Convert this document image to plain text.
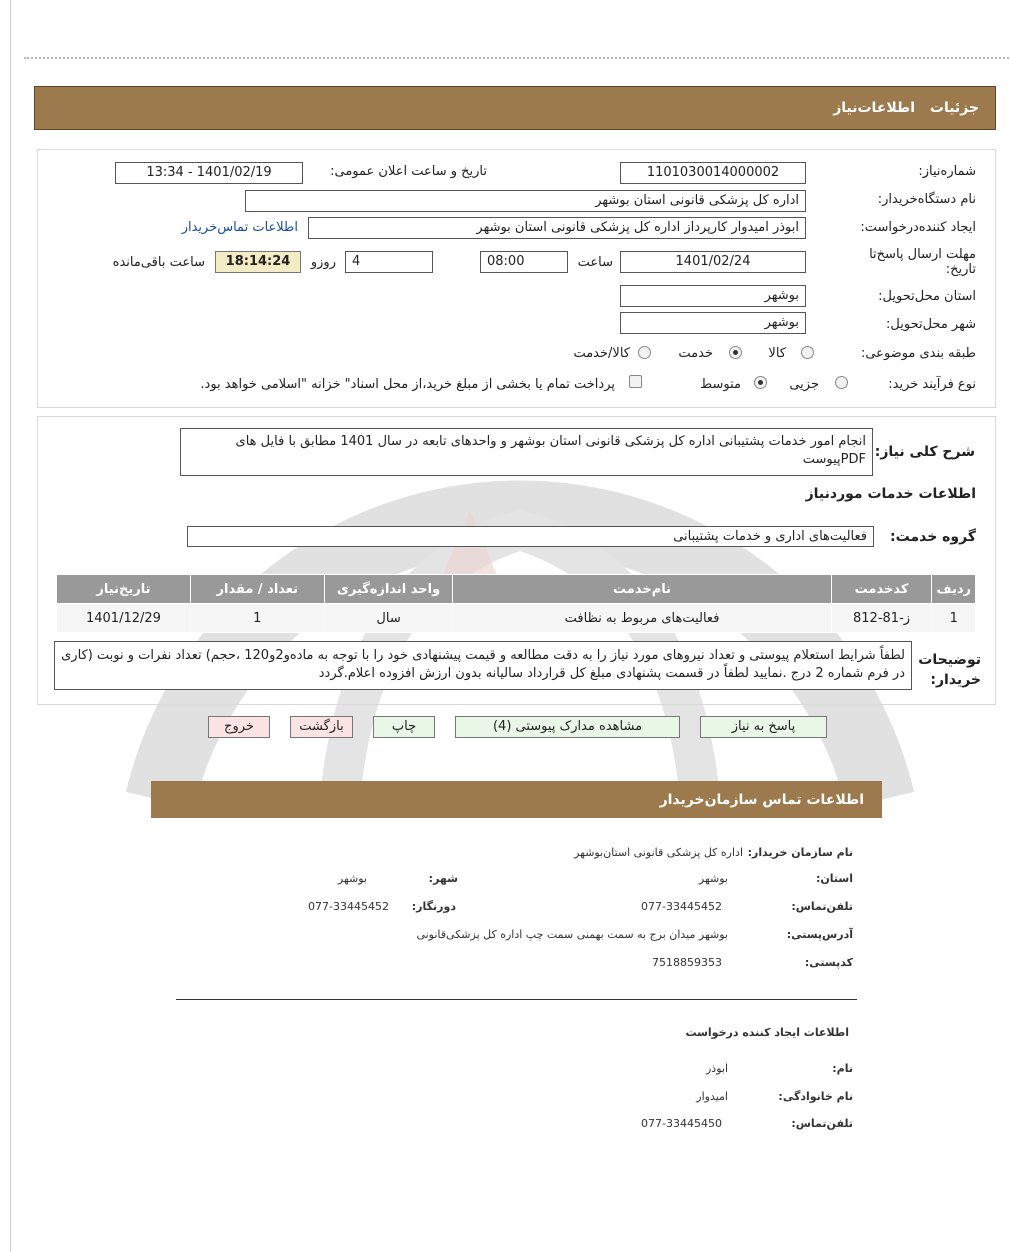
جزئيات
اطلاعات‌نیاز
شماره‌نیاز:
1101030014000002
تاریخ و ساعت اعلان عمومی:
1401/02/19 - 13:34
نام دستگاه‌خریدار:
اداره کل پزشکی قانونی استان بوشهر
ایجاد کننده‌درخواست:
ابوذر امیدوار کارپرداز اداره کل پزشکی قانونی استان بوشهر
اطلاعات تماس‌خریدار
مهلت ارسال پاسخ‌تا تاریخ:
1401/02/24
ساعت
08:00
4
روزو
18:14:24
ساعت باقی‌مانده
استان محل‌تحویل:
بوشهر
شهر محل‌تحویل:
بوشهر
طبقه بندی موضوعی:
کالا
خدمت
کالا/خدمت
نوع فرآیند خرید:
جزیی
متوسط
پرداخت تمام یا بخشی از مبلغ خرید،از محل اسناد" خزانه "اسلامی خواهد بود.
شرح کلی نیاز:
انجام امور خدمات پشتیبانی اداره کل پزشکی قانونی استان بوشهر و واحدهای تابعه در سال 1401 مطابق با فایل های PDFپیوست
اطلاعات خدمات موردنیاز
گروه خدمت:
فعالیت‌های اداری و خدمات پشتیبانی
ردیف	کدخدمت	نام‌خدمت	واحد اندازه‌گیری	تعداد / مقدار	تاریخ‌نیاز
1	ز-81-812	فعالیت‌های مربوط به نظافت	سال	1	1401/12/29
توضیحات خریدار:
لطفاً شرایط استعلام پیوستی و تعداد نیروهای مورد نیاز را به دقت مطالعه و قیمت پیشنهادی خود را با توجه به ماده‌و2و120 ،حجم) تعداد نفرات و نوبت (کاری در فرم شماره 2 درج .نمایید لطفاً در قسمت پشنهادی مبلغ کل قرارداد سالیانه بدون ارزش افزوده اعلام.گردد
پاسخ به نیاز
مشاهده مدارک پیوستی (4)
چاپ
بازگشت
خروج
اطلاعات تماس سازمان‌خریدار
نام سازمان خریدار:
اداره کل پزشکی قانونی استان‌بوشهر
استان:
بوشهر
شهر:
بوشهر
تلفن‌تماس:
077-33445452
دورنگار:
077-33445452
آدرس‌پستی:
بوشهر میدان برج به سمت بهمنی سمت چپ اداره کل پزشکی‌قانونی
کدپستی:
7518859353
اطلاعات ایجاد کننده درخواست
نام:
ابوذر
نام خانوادگی:
امیدوار
تلفن‌تماس:
077-33445450
